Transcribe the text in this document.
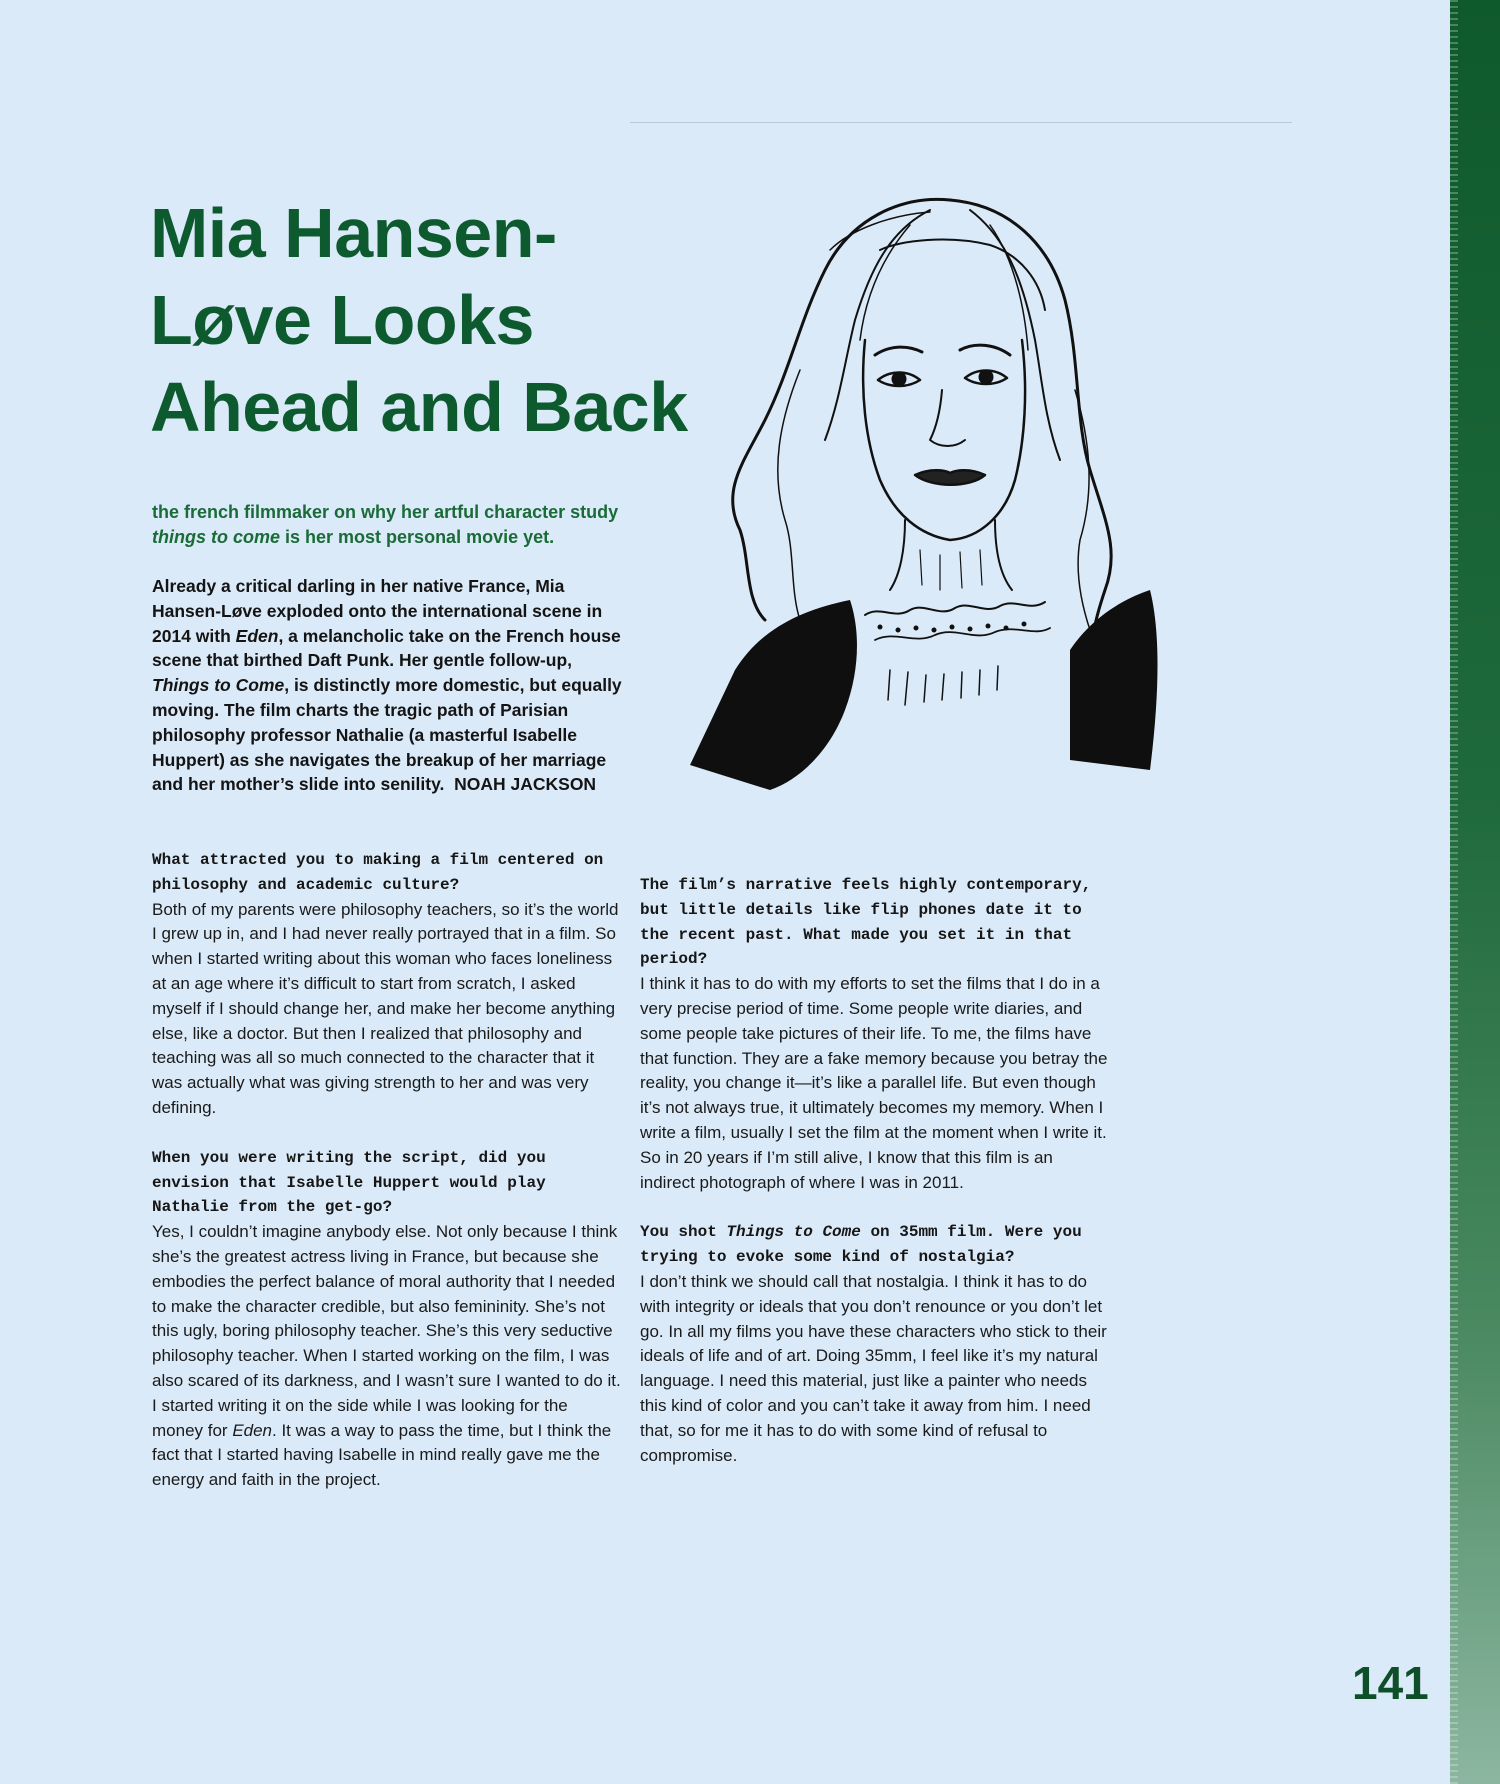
Mia Hansen-
Løve Looks
Ahead and Back
the french filmmaker on why her artful character study things to come is her most personal movie yet.
Already a critical darling in her native France, Mia Hansen-Løve exploded onto the international scene in 2014 with Eden, a melancholic take on the French house scene that birthed Daft Punk. Her gentle follow-up, Things to Come, is distinctly more domestic, but equally moving. The film charts the tragic path of Parisian philosophy professor Nathalie (a masterful Isabelle Huppert) as she navigates the breakup of her marriage and her mother’s slide into senility. NOAH JACKSON

What attracted you to making a film centered on philosophy and academic culture?

Both of my parents were philosophy teachers, so it’s the world I grew up in, and I had never really portrayed that in a film. So when I started writing about this woman who faces loneliness at an age where it’s difficult to start from scratch, I asked myself if I should change her, and make her become anything else, like a doctor. But then I realized that philosophy and teaching was all so much connected to the character that it was actually what was giving strength to her and was very defining.

When you were writing the script, did you envision that Isabelle Huppert would play Nathalie from the get-go?

Yes, I couldn’t imagine anybody else. Not only because I think she’s the greatest actress living in France, but because she embodies the perfect balance of moral authority that I needed to make the character credible, but also femininity. She’s not this ugly, boring philosophy teacher. She’s this very seductive philosophy teacher. When I started working on the film, I was also scared of its darkness, and I wasn’t sure I wanted to do it. I started writing it on the side while I was looking for the money for Eden. It was a way to pass the time, but I think the fact that I started having Isabelle in mind really gave me the energy and faith in the project.

The film’s narrative feels highly contemporary, but little details like flip phones date it to the recent past. What made you set it in that period?

I think it has to do with my efforts to set the films that I do in a very precise period of time. Some people write diaries, and some people take pictures of their life. To me, the films have that function. They are a fake memory because you betray the reality, you change it—it’s like a parallel life. But even though it’s not always true, it ultimately becomes my memory. When I write a film, usually I set the film at the moment when I write it. So in 20 years if I’m still alive, I know that this film is an indirect photograph of where I was in 2011.

You shot Things to Come on 35mm film. Were you trying to evoke some kind of nostalgia?

I don’t think we should call that nostalgia. I think it has to do with integrity or ideals that you don’t renounce or you don’t let go. In all my films you have these characters who stick to their ideals of life and of art. Doing 35mm, I feel like it’s my natural language. I need this material, just like a painter who needs this kind of color and you can’t take it away from him. I need that, so for me it has to do with some kind of refusal to compromise.

141
